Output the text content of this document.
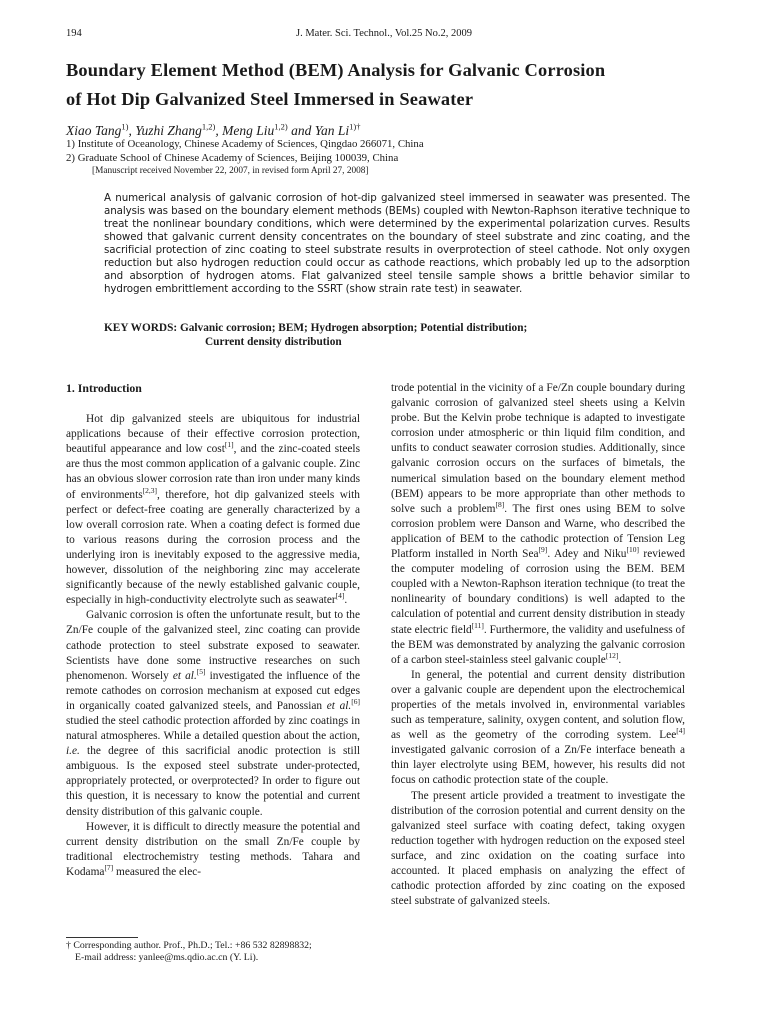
194	J. Mater. Sci. Technol., Vol.25 No.2, 2009
Boundary Element Method (BEM) Analysis for Galvanic Corrosion
of Hot Dip Galvanized Steel Immersed in Seawater
Xiao Tang$^{1)}$, Yuzhi Zhang$^{1,2)}$, Meng Liu$^{1,2)}$ and Yan $Li^{1)\dagger}$
1) Institute of Oceanology, Chinese Academy of Sciences, Qingdao 266071, China
2) Graduate School of Chinese Academy of Sciences, Beijing 100039, China
[Manuscript received November 22, 2007, in revised form April 27, 2008]
A numerical analysis of galvanic corrosion of hot-dip galvanized steel immersed in seawater was presented. The analysis was based on the boundary element methods (BEMs) coupled with Newton-Raphson iterative technique to treat the nonlinear boundary conditions, which were determined by the experimental polarization curves. Results showed that galvanic current density concentrates on the boundary of steel substrate and zinc coating, and the sacrificial protection of zinc coating to steel substrate results in overprotection of steel cathode. Not only oxygen reduction but also hydrogen reduction could occur as cathode reactions, which probably led up to the adsorption and absorption of hydrogen atoms. Flat galvanized steel tensile sample shows a brittle behavior similar to hydrogen embrittlement according to the SSRT (show strain rate test) in seawater.
KEY WORDS: Galvanic corrosion; BEM; Hydrogen absorption; Potential distribution;
Current density distribution
1. Introduction

Hot dip galvanized steels are ubiquitous for industrial applications because of their effective corrosion protection, beautiful appearance and low cost[1], and the zinc-coated steels are thus the most common application of a galvanic couple. Zinc has an obvious slower corrosion rate than iron under many kinds of environments[2,3], therefore, hot dip galvanized steels with perfect or defect-free coating are generally characterized by a low overall corrosion rate. When a coating defect is formed due to various reasons during the corrosion process and the underlying iron is inevitably exposed to the aggressive media, however, dissolution of the neighboring zinc may accelerate significantly because of the newly established galvanic couple, especially in high-conductivity electrolyte such as seawater[4].

Galvanic corrosion is often the unfortunate result, but to the Zn/Fe couple of the galvanized steel, zinc coating can provide cathode protection to steel substrate exposed to seawater. Scientists have done some instructive researches on such phenomenon. Worsely et al.[5] investigated the influence of the remote cathodes on corrosion mechanism at exposed cut edges in organically coated galvanized steels, and Panossian et al.[6] studied the steel cathodic protection afforded by zinc coatings in natural atmospheres. While a detailed question about the action, i.e. the degree of this sacrificial anodic protection is still ambiguous. Is the exposed steel substrate under-protected, appropriately protected, or overprotected? In order to figure out this question, it is necessary to know the potential and current density distribution of this galvanic couple.

However, it is difficult to directly measure the potential and current density distribution on the small Zn/Fe couple by traditional electrochemistry testing methods. Tahara and Kodama[7] measured the elec-

trode potential in the vicinity of a Fe/Zn couple boundary during galvanic corrosion of galvanized steel sheets using a Kelvin probe. But the Kelvin probe technique is adapted to investigate corrosion under atmospheric or thin liquid film condition, and unfits to conduct seawater corrosion studies. Additionally, since galvanic corrosion occurs on the surfaces of bimetals, the numerical simulation based on the boundary element method (BEM) appears to be more appropriate than other methods to solve such a problem[8]. The first ones using BEM to solve corrosion problem were Danson and Warne, who described the application of BEM to the cathodic protection of Tension Leg Platform installed in North Sea[9]. Adey and Niku[10] reviewed the computer modeling of corrosion using the BEM. BEM coupled with a Newton-Raphson iteration technique (to treat the nonlinearity of boundary conditions) is well adapted to the calculation of potential and current density distribution in steady state electric field[11]. Furthermore, the validity and usefulness of the BEM was demonstrated by analyzing the galvanic corrosion of a carbon steel-stainless steel galvanic couple[12].

In general, the potential and current density distribution over a galvanic couple are dependent upon the electrochemical properties of the metals involved in, environmental variables such as temperature, salinity, oxygen content, and solution flow, as well as the geometry of the corroding system. Lee[4] investigated galvanic corrosion of a Zn/Fe interface beneath a thin layer electrolyte using BEM, however, his results did not focus on cathodic protection state of the couple.

The present article provided a treatment to investigate the distribution of the corrosion potential and current density on the galvanized steel surface with coating defect, taking oxygen reduction together with hydrogen reduction on the exposed steel surface, and zinc oxidation on the coating surface into accounted. It placed emphasis on analyzing the effect of cathodic protection afforded by zinc coating on the exposed steel substrate of galvanized steels.

† Corresponding author. Prof., Ph.D.; Tel.: +86 532 82898832;
E-mail address: yanlee@ms.qdio.ac.cn (Y. Li).
